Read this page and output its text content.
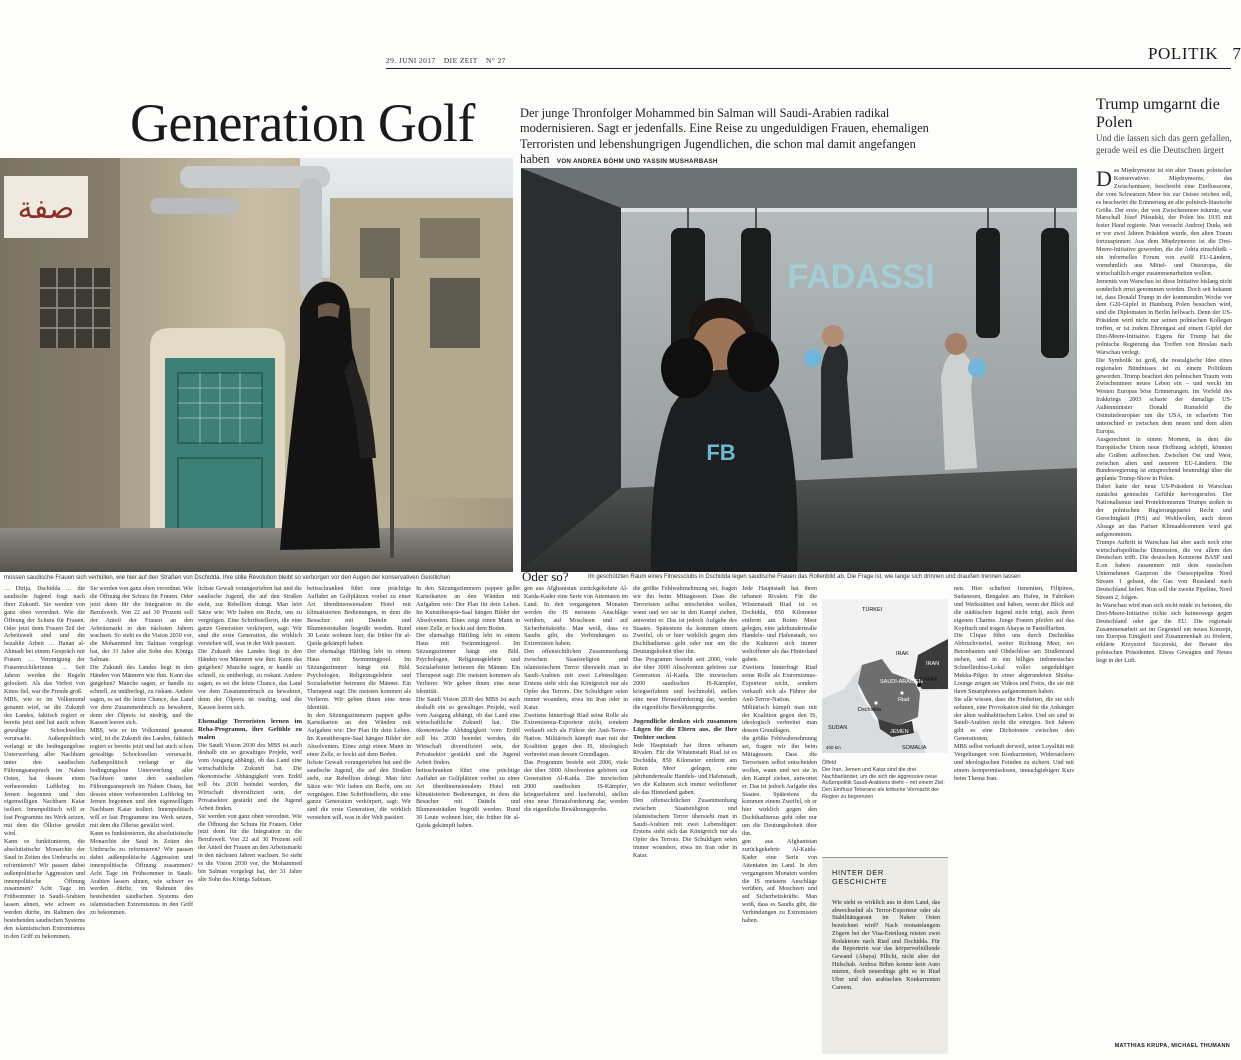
29. JUNI 2017 DIE ZEIT N° 27	POLITIK 7
Generation Golf	Der junge Thronfolger Mohammed bin Salman will Saudi-Arabien radikal modernisieren. Sagt er jedenfalls. Eine Reise zu ungeduldigen Frauen, ehemaligen Terroristen und lebenshungrigen Jugendlichen, die schon mal damit angefangen haben VON ANDREA BÖHM UND YASSIN MUSHARBASH
Trump umgarnt die Polen
Und die lassen sich das gern gefallen, gerade weil es die Deutschen ärgert
صفة
FADASSI
FB
müssen saudische Frauen sich verhüllen, wie hier auf den Straßen von Dschidda. Ihre stille Revolution bleibt so verborgen vor den Augen der konservativen Geistlichen	Oder so?	Im geschützten Raum eines Fitnessclubs in Dschidda legen saudische Frauen das Rollenbild ab. Die Frage ist, wie lange sich drinnen und draußen trennen lassen

… Dirija, Dschidda … die saudische Jugend fragt nach ihrer Zukunft. Sie werden von ganz oben verordnet. Wie die Öffnung der Schura für Frauen. Oder jetzt denn Frauen Teil der Arbeitswelt sind und die bezahlte Arbeit … Hanan al-Ahmadi bei einem Gespräch mit Frauen … Vereinigung der Frauenrechtlerinnen … Seit Jahren werden die Regeln gelockert. Als das Verbot von Kinos fiel, war die Freude groß.

MBS, wie er im Volksmund genannt wird, ist die Zukunft des Landes, faktisch regiert er bereits jetzt und hat auch schon gewaltige Schockwellen verursacht. Außenpolitisch verlangt er die bedingungslose Unterwerfung aller Nachbarn unter den saudischen Führungsanspruch im Nahen Osten, hat dessen einen verheerenden Luftkrieg im Jemen begonnen und den eigenwilligen Nachbarn Katar isoliert. Innenpolitisch will er fast Programme ins Werk setzen, mit dem die Ölkrise gewälzt wird.

Kann es funktionieren, die absolutistische Monarchie der Saud in Zeiten des Umbruchs zu reformieren? Wir passen dabei außenpolitische Aggression und innenpolitische Öffnung zusammen? Acht Tage im Frühsommer in Saudi-Arabien lassen ahnen, wie schwer es werden dürfte, im Rahmen des bestehenden saudischen Systems den islamistischen Extremismus in den Griff zu bekommen.

Sie werden von ganz oben verordnet. Wie die Öffnung der Schura für Frauen. Oder jetzt denn für die Integration in die Berufswelt. Von 22 auf 30 Prozent soll der Anteil der Frauen an den Arbeitsmarkt in den nächsten Jahren wachsen. So sieht es die Vision 2030 vor, die Mohammed bin Salman vorgelegt hat, der 31 Jahre alte Sohn des Königs Salman.

Die Zukunft des Landes liegt in den Händen von Männern wie ihm. Kann das gutgehen? Manche sagen, er handle zu schnell, zu unüberlegt, zu riskant. Andere sagen, es sei die letzte Chance, das Land vor dem Zusammenbruch zu bewahren, denn der Ölpreis ist niedrig, und die Kassen leeren sich.

MBS, wie er im Volksmund genannt wird, ist die Zukunft des Landes, faktisch regiert er bereits jetzt und hat auch schon gewaltige Schockwellen verursacht. Außenpolitisch verlangt er die bedingungslose Unterwerfung aller Nachbarn unter den saudischen Führungsanspruch im Nahen Osten, hat dessen einen verheerenden Luftkrieg im Jemen begonnen und den eigenwilligen Nachbarn Katar isoliert. Innenpolitisch will er fast Programme ins Werk setzen, mit dem die Ölkrise gewälzt wird.

Kann es funktionieren, die absolutistische Monarchie der Saud in Zeiten des Umbruchs zu reformieren? Wir passen dabei außenpolitische Aggression und innenpolitische Öffnung zusammen? Acht Tage im Frühsommer in Saudi-Arabien lassen ahnen, wie schwer es werden dürfte, im Rahmen des bestehenden saudischen Systems den islamistischen Extremismus in den Griff zu bekommen.

lichste Gewalt vorangetrieben hat und die saudische Jugend, die auf den Straßen steht, zur Rebellion drängt. Man hört Sätze wie: Wir haben ein Recht, uns zu vergnügen. Eine Schriftstellerin, die eine ganze Generation verkörpert, sagt: Wir sind die erste Generation, die wirklich verstehen will, was in der Welt passiert.

Die Zukunft des Landes liegt in den Händen von Männern wie ihm. Kann das gutgehen? Manche sagen, er handle zu schnell, zu unüberlegt, zu riskant. Andere sagen, es sei die letzte Chance, das Land vor dem Zusammenbruch zu bewahren, denn der Ölpreis ist niedrig, und die Kassen leeren sich.

Ehemalige Terroristen lernen im Reha-Programm, ihre Gefühle zu malen

Die Saudi Vision 2030 des MBS ist auch deshalb ein so gewaltiges Projekt, weil vom Ausgang abhängt, ob das Land eine wirtschaftliche Zukunft hat. Die ökonomische Abhängigkeit vom Erdöl soll bis 2030 beendet werden, die Wirtschaft diversifiziert sein, der Privatsektor gestärkt und die Jugend Arbeit finden.

Sie werden von ganz oben verordnet. Wie die Öffnung der Schura für Frauen. Oder jetzt denn für die Integration in die Berufswelt. Von 22 auf 30 Prozent soll der Anteil der Frauen an den Arbeitsmarkt in den nächsten Jahren wachsen. So sieht es die Vision 2030 vor, die Mohammed bin Salman vorgelegt hat, der 31 Jahre alte Sohn des Königs Salman.

beitsschranken führt eine prächtige Auffahrt an Golfplätzen vorbei zu einer Art überdimensionalem Hotel mit klimatisierten Bedienungen, in dem die Besucher mit Datteln und Blumensträußen begrüßt werden. Rund 30 Leute wohnen hier, die früher für al-Qaida gekämpft haben.

Der ehemalige Häftling lebt in einem Haus mit Swimmingpool. Im Sitzungszimmer hängt ein Bild. Psychologen, Religionsgelehrte und Sozialarbeiter betreuen die Männer. Ein Therapeut sagt: Die meisten kommen als Verlierer. Wir geben ihnen eine neue Identität.

In den Sitzungszimmern pappen gelbe Karteikarten an den Wänden mit Aufgaben wie: Der Plan für dein Leben. Im Kunsttherapie-Saal hängen Bilder der Absolventen. Eines zeigt einen Mann in einer Zelle, er hockt auf dem Boden.

lichste Gewalt vorangetrieben hat und die saudische Jugend, die auf den Straßen steht, zur Rebellion drängt. Man hört Sätze wie: Wir haben ein Recht, uns zu vergnügen. Eine Schriftstellerin, die eine ganze Generation verkörpert, sagt: Wir sind die erste Generation, die wirklich verstehen will, was in der Welt passiert.

In den Sitzungszimmern pappen gelbe Karteikarten an den Wänden mit Aufgaben wie: Der Plan für dein Leben. Im Kunsttherapie-Saal hängen Bilder der Absolventen. Eines zeigt einen Mann in einer Zelle, er hockt auf dem Boden.

Der ehemalige Häftling lebt in einem Haus mit Swimmingpool. Im Sitzungszimmer hängt ein Bild. Psychologen, Religionsgelehrte und Sozialarbeiter betreuen die Männer. Ein Therapeut sagt: Die meisten kommen als Verlierer. Wir geben ihnen eine neue Identität.

Die Saudi Vision 2030 des MBS ist auch deshalb ein so gewaltiges Projekt, weil vom Ausgang abhängt, ob das Land eine wirtschaftliche Zukunft hat. Die ökonomische Abhängigkeit vom Erdöl soll bis 2030 beendet werden, die Wirtschaft diversifiziert sein, der Privatsektor gestärkt und die Jugend Arbeit finden.

beitsschranken führt eine prächtige Auffahrt an Golfplätzen vorbei zu einer Art überdimensionalem Hotel mit klimatisierten Bedienungen, in dem die Besucher mit Datteln und Blumensträußen begrüßt werden. Rund 30 Leute wohnen hier, die früher für al-Qaida gekämpft haben.

gen aus Afghanistan zurückgekehrte Al-Kaida-Kader eine Serie von Attentaten im Land. In den vergangenen Monaten werden die IS meistens Anschläge verüben, auf Moscheen und auf Sicherheitskräfte. Man weiß, dass es Saudis gibt, die Verbindungen zu Extremisten haben.

Den offensichtlichen Zusammenhang zwischen Staatsreligion und islamistischem Terror übersieht man in Saudi-Arabien mit zwei Lebenslügen: Erstens sieht sich das Königreich nur als Opfer des Terrors. Die Schuldigen seien immer woanders, etwa im Iran oder in Katar.

Zweitens hinterfragt Riad seine Rolle als Extremismus-Exporteur nicht, sondern verkauft sich als Führer der Anti-Terror-Nation. Militärisch kämpft man mit der Koalition gegen den IS, ideologisch verbreitet man dessen Grundlagen.

Das Programm besteht seit 2006, viele der über 3000 Absolventen gehören zur Generation Al-Kaida. Die inzwischen 2000 saudischen IS-Kämpfer, kriegserfahren und hochmobil, stellen eine neue Herausforderung dar, werden die eigentliche Bewährungsprobe.

die größte Fehlwahrnehmung sei, fragen wir ihn beim Mittagessen. Dass die Terroristen selbst entscheiden wollen, wann und wo sie in den Kampf ziehen, antwortet er. Das ist jedoch Aufgabe des Staates. Spätestens da kommen einem Zweifel, ob er hier wirklich gegen den Dschihadismus geht oder nur um die Deutungshoheit über ihn.

Das Programm besteht seit 2006, viele der über 3000 Absolventen gehören zur Generation Al-Kaida. Die inzwischen 2000 saudischen IS-Kämpfer, kriegserfahren und hochmobil, stellen eine neue Herausforderung dar, werden die eigentliche Bewährungsprobe.

Jugendliche denken sich zusammen Lügen für die Eltern aus, die Ihre Tochter suchen

Jede Hauptstadt hat ihren urbanen Rivalen. Für die Wüstenstadt Riad ist es Dschidda, 850 Kilometer entfernt am Roten Meer gelegen, eine jahrhundertealte Handels- und Hafenstadt, wo die Kulturen sich immer weltoffener als das Hinterland gaben.

Den offensichtlichen Zusammenhang zwischen Staatsreligion und islamistischem Terror übersieht man in Saudi-Arabien mit zwei Lebenslügen: Erstens sieht sich das Königreich nur als Opfer des Terrors. Die Schuldigen seien immer woanders, etwa im Iran oder in Katar.

Jede Hauptstadt hat ihren urbanen Rivalen. Für die Wüstenstadt Riad ist es Dschidda, 850 Kilometer entfernt am Roten Meer gelegen, eine jahrhundertealte Handels- und Hafenstadt, wo die Kulturen sich immer weltoffener als das Hinterland gaben.

Zweitens hinterfragt Riad seine Rolle als Extremismus-Exporteur nicht, sondern verkauft sich als Führer der Anti-Terror-Nation. Militärisch kämpft man mit der Koalition gegen den IS, ideologisch verbreitet man dessen Grundlagen.

die größte Fehlwahrnehmung sei, fragen wir ihn beim Mittagessen. Dass die Terroristen selbst entscheiden wollen, wann und wo sie in den Kampf ziehen, antwortet er. Das ist jedoch Aufgabe des Staates. Spätestens da kommen einem Zweifel, ob er hier wirklich gegen den Dschihadismus geht oder nur um die Deutungshoheit über ihn.

gen aus Afghanistan zurückgekehrte Al-Kaida-Kader eine Serie von Attentaten im Land. In den vergangenen Monaten werden die IS meistens Anschläge verüben, auf Moscheen und auf Sicherheitskräfte. Man weiß, dass es Saudis gibt, die Verbindungen zu Extremisten haben.

nen. Hier schuften Jemeniten, Filipinos, Sudanesen, Bengalen am Hafen, in Fabriken und Werkstätten und haben, wenn der Blick auf die städtischen Jugend nicht trügt, auch ihren eigenen Charme. Junge Frauen pfeifen auf das Kopftuch und tragen Abayas in Pastellfarben.

Die Clique führt uns durch Dschiddas Abbruchviertel, weiter Richtung Meer, wo Betonbauten und Obdachlose am Straßenrand stehen, und in ein billiges indonesisches Schnellimbiss-Lokal voller ungeduldiger Mekka-Pilger. In einer abgerundeten Shisha-Lounge zeigen sie Videos und Fotos, die sie mit ihren Smartphones aufgenommen haben.

Sie alle wissen, dass die Freiheiten, die sie sich nehmen, eine Provokation sind für die Anhänger der alten wahhabitischen Lehre. Und sie sind in Saudi-Arabien nicht die einzigen. Seit Jahren gibt es eine Dichotomie zwischen den Generationen.

MBS selbst verkauft derweil, seine Loyalität mit Vergeltungen von Konkurrenten, Widersachern und ideologischen Feinden zu sichern. Und mit einem kompromisslosen, unnachgiebigen Kurs beim Thema Iran.

TÜRKEI
IRAK
IRAN
SAUDI-ARABIEN
Riad
Dschidda
KATAR
JEMEN
SOMALIA
SUDAN
400 km
Ölfeld
Der Iran, Jemen und Katar sind die drei Nachbarländer, um die sich die aggressive neue Außenpolitik Saudi-Arabiens dreht – mit einem Ziel: Den Einfluss Teherans als kritische Vormacht der Region zu begrenzen
HINTER DER GESCHICHTE
Wie sieht es wirklich aus in dem Land, das abwechselnd als Terror-Exporteur oder als Stabilitätsgarant im Nahen Osten bezeichnet wird? Nach monatelangem Zögern bei der Visa-Erteilung reisten zwei Redakteure nach Riad und Dschidda. Für die Reporterin war das körperverhüllende Gewand (Abaya) Pflicht, nicht aber der Hidschab. Andrea Böhm konnte kein Auto mieten, doch neuerdings gibt es in Riad Uber und den arabischen Konkurrenten Careem.

Das Międzymorze ist ein alter Traum polnischer Konservativer. Międzymorze, das Zwischenmeer, beschreibt eine Einflusszone, die vom Schwarzen Meer bis zur Ostsee reichen soll, es beschwört die Erinnerung an alte polnisch-litauische Größe. Der erste, der von Zwischenmeer träumte, war Marschall Józef Piłsudski, der Polen bis 1935 mit fester Hand regierte. Nun versucht Andrzej Duda, seit er vor zwei Jahren Präsident wurde, den alten Traum fortzuspinnen: Aus dem Międzymorze ist die Drei-Meere-Initiative geworden, die die Adria einschließt – ein informelles Forum von zwölf EU-Ländern, vornehmlich aus Mittel- und Osteuropa, die wirtschaftlich enger zusammenarbeiten wollen.

Jemenits von Warschau ist diese Initiative bislang nicht sonderlich ernst genommen worden. Doch seit bekannt ist, dass Donald Trump in der kommenden Woche vor dem G20-Gipfel in Hamburg Polen besuchen wird, sind die Diplomaten in Berlin hellwach. Denn der US-Präsident wird nicht nur seinen polnischen Kollegen treffen, er ist zudem Ehrengast auf einem Gipfel der Drei-Meere-Initiative. Eigens für Trump hat die polnische Regierung das Treffen von Breslau nach Warschau verlegt.

Die Symbolik ist groß, die nostalgische Idee eines regionalen Bündnisses ist zu einem Politikum geworden. Trump beachtet den polnischen Traum vom Zwischenmeer neues Leben ein – und weckt im Westen Europas böse Erinnerungen. Im Vorfeld des Irakkriegs 2003 scharte der damalige US-Außenminister Donald Rumsfeld die Ostmitteleuropäer um die USA, in scharfem Ton unterschied er zwischen dem neuen und dem alten Europa.

Ausgerechnet in einem Moment, in dem die Europäische Union neue Hoffnung schöpft, könnten alte Gräben aufbrechen. Zwischen Ost und West, zwischen alten und neueren EU-Ländern. Die Bundesregierung ist entsprechend beunruhigt über die geplante Trump-Show in Polen.

Dabei hatte der neue US-Präsident in Warschau zunächst gemischte Gefühle hervorgerufen. Der Nationalismus und Protektionismus Trumps stoßen in der polnischen Regierungspartei Recht und Gerechtigkeit (PiS) auf Wohlwollen, auch deren Absage an das Pariser Klimaabkommen wird gut aufgenommen.

Trumps Auftritt in Warschau hat aber auch noch eine wirtschaftspolitische Dimension, die vor allem den Deutschen trifft. Die deutschen Konzerne BASF und E.on haben zusammen mit dem russischen Unternehmen Gazprom die Ostseepipeline Nord Stream 1 gebaut, die Gas von Russland nach Deutschland liefert. Nun soll die zweite Pipeline, Nord Stream 2, folgen.

In Warschau wird man sich nicht müde zu betonen, die Drei-Meere-Initiative richte sich keineswegs gegen Deutschland oder gar die EU. Die regionale Zusammenarbeit sei im Gegenteil ein neues Konzept, um Europas Einigkeit und Zusammenhalt zu fördern, erklärte Krzysztof Szczerski, der Berater des polnischen Präsidenten. Etwas Gewagtes und Neues liegt in der Luft.

MATTHIAS KRUPA, MICHAEL THUMANN
